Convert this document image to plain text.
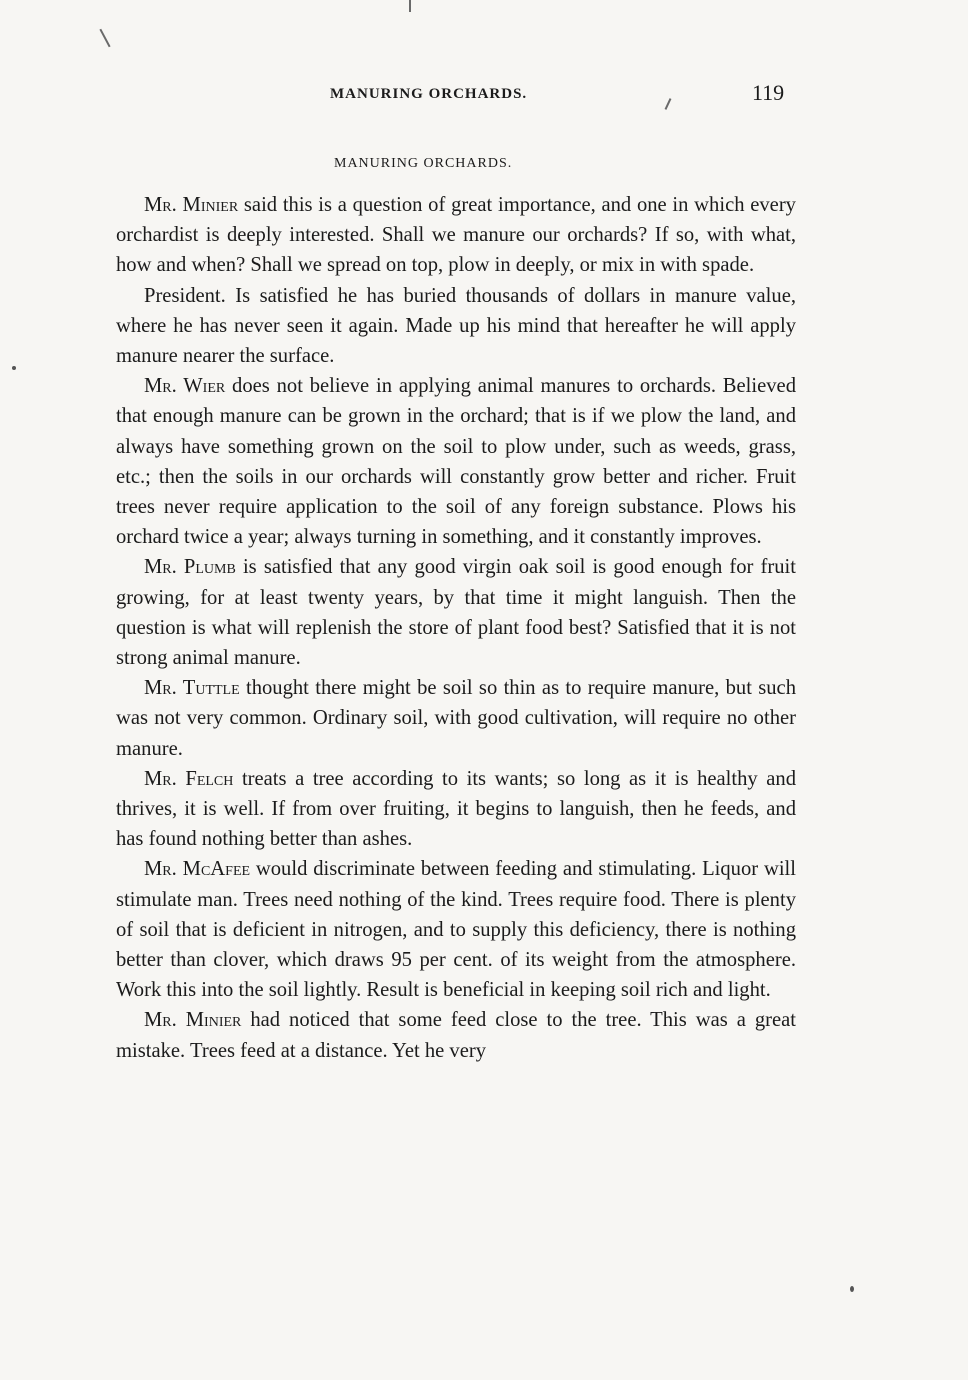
MANURING ORCHARDS.	119
MANURING ORCHARDS.

Mr. Minier said this is a question of great importance, and one in which every orchardist is deeply interested. Shall we manure our orchards? If so, with what, how and when? Shall we spread on top, plow in deeply, or mix in with spade.

President. Is satisfied he has buried thousands of dollars in manure value, where he has never seen it again. Made up his mind that hereafter he will apply manure nearer the surface.

Mr. Wier does not believe in applying animal manures to orchards. Believed that enough manure can be grown in the orchard; that is if we plow the land, and always have something grown on the soil to plow under, such as weeds, grass, etc.; then the soils in our orchards will constantly grow better and richer. Fruit trees never require application to the soil of any foreign substance. Plows his orchard twice a year; always turning in something, and it constantly improves.

Mr. Plumb is satisfied that any good virgin oak soil is good enough for fruit growing, for at least twenty years, by that time it might languish. Then the question is what will replenish the store of plant food best? Satisfied that it is not strong animal manure.

Mr. Tuttle thought there might be soil so thin as to require manure, but such was not very common. Ordinary soil, with good cultivation, will require no other manure.

Mr. Felch treats a tree according to its wants; so long as it is healthy and thrives, it is well. If from over fruiting, it begins to languish, then he feeds, and has found nothing better than ashes.

Mr. McAfee would discriminate between feeding and stimulating. Liquor will stimulate man. Trees need nothing of the kind. Trees require food. There is plenty of soil that is deficient in nitrogen, and to supply this deficiency, there is nothing better than clover, which draws 95 per cent. of its weight from the atmosphere. Work this into the soil lightly. Result is beneficial in keeping soil rich and light.

Mr. Minier had noticed that some feed close to the tree. This was a great mistake. Trees feed at a distance. Yet he very
